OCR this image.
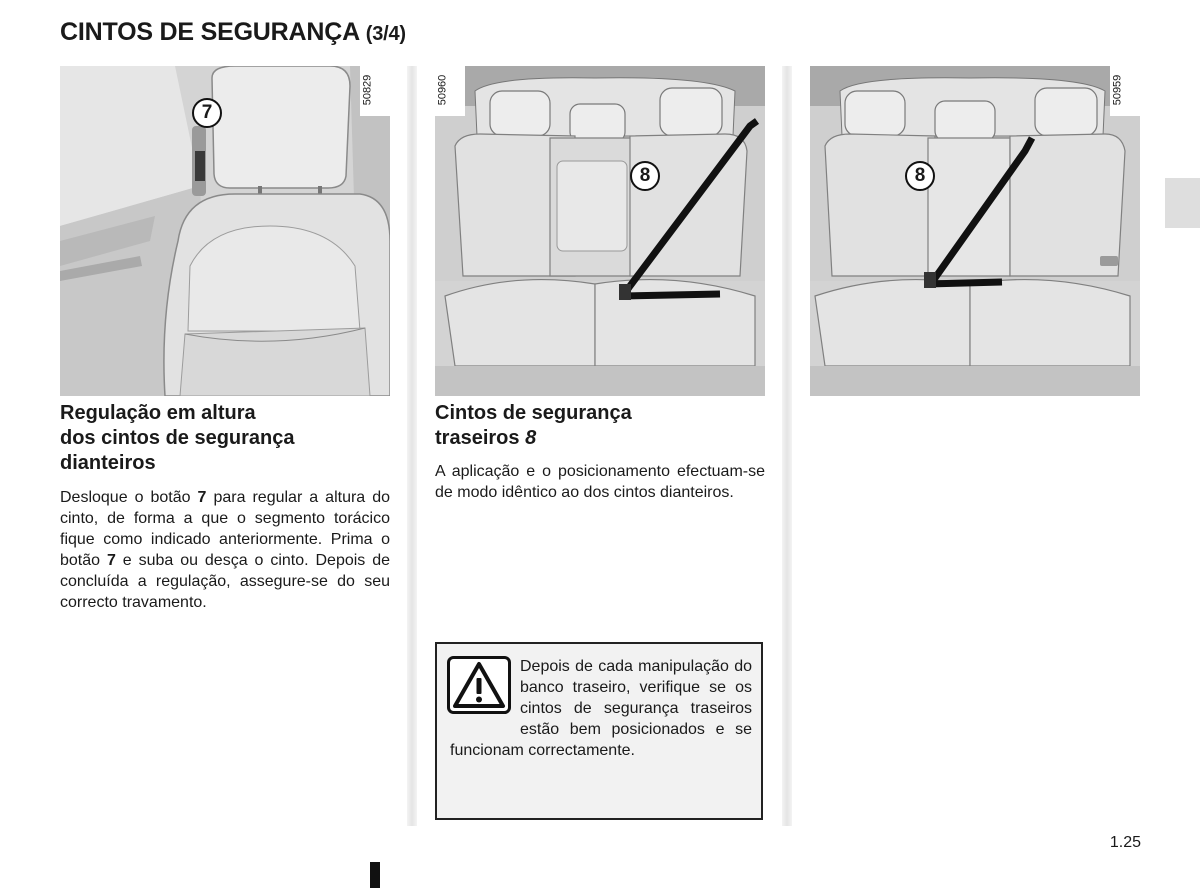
CINTOS DE SEGURANÇA (3/4)
7
50829
8
50960
8
50959
Regulação em altura
dos cintos de segurança
dianteiros

Desloque o botão 7 para regular a altura do cinto, de forma a que o segmento torácico fique como indicado anteriormente. Prima o botão 7 e suba ou desça o cinto. Depois de concluída a regulação, assegure-se do seu correcto travamento.

Cintos de segurança
traseiros 8

A aplicação e o posicionamento efectuam-se de modo idêntico ao dos cintos dianteiros.

Depois de cada manipulação do banco traseiro, verifique se os cintos de segurança traseiros estão bem posicionados e se funcionam correctamente.

1.25
